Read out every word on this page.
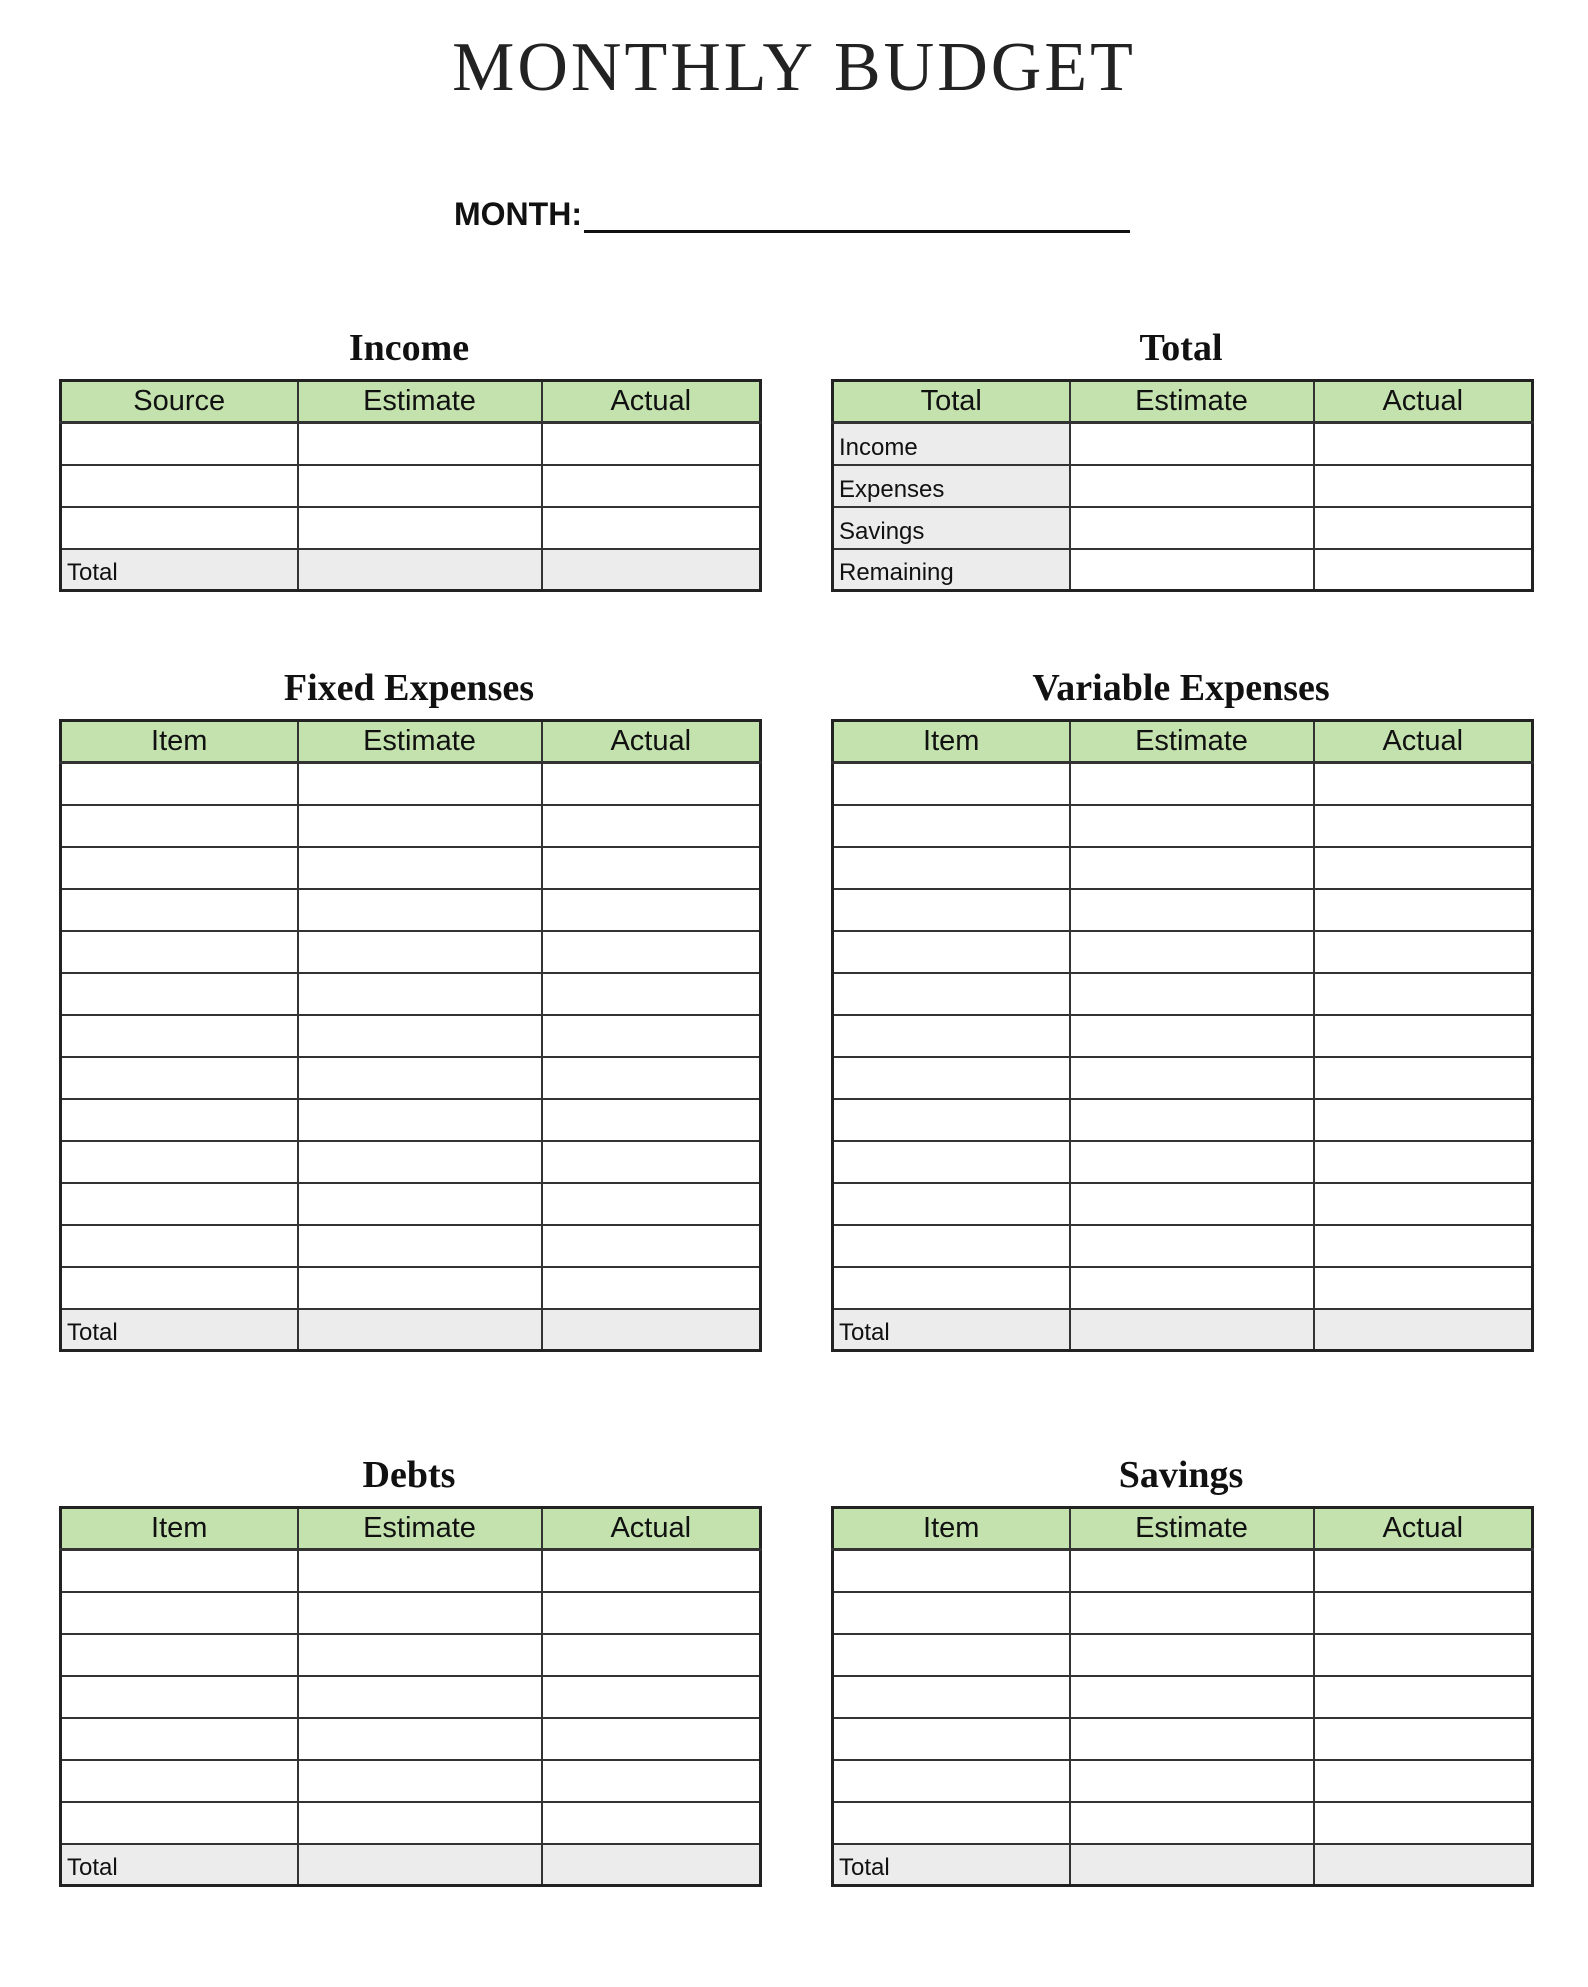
MONTHLY BUDGET
MONTH:
Income
Source	Estimate	Actual

Total		
Total
Total	Estimate	Actual
Income		
Expenses		
Savings		
Remaining		
Fixed Expenses
Item	Estimate	Actual

Total		
Variable Expenses
Item	Estimate	Actual

Total		
Debts
Item	Estimate	Actual

Total		
Savings
Item	Estimate	Actual

Total		
